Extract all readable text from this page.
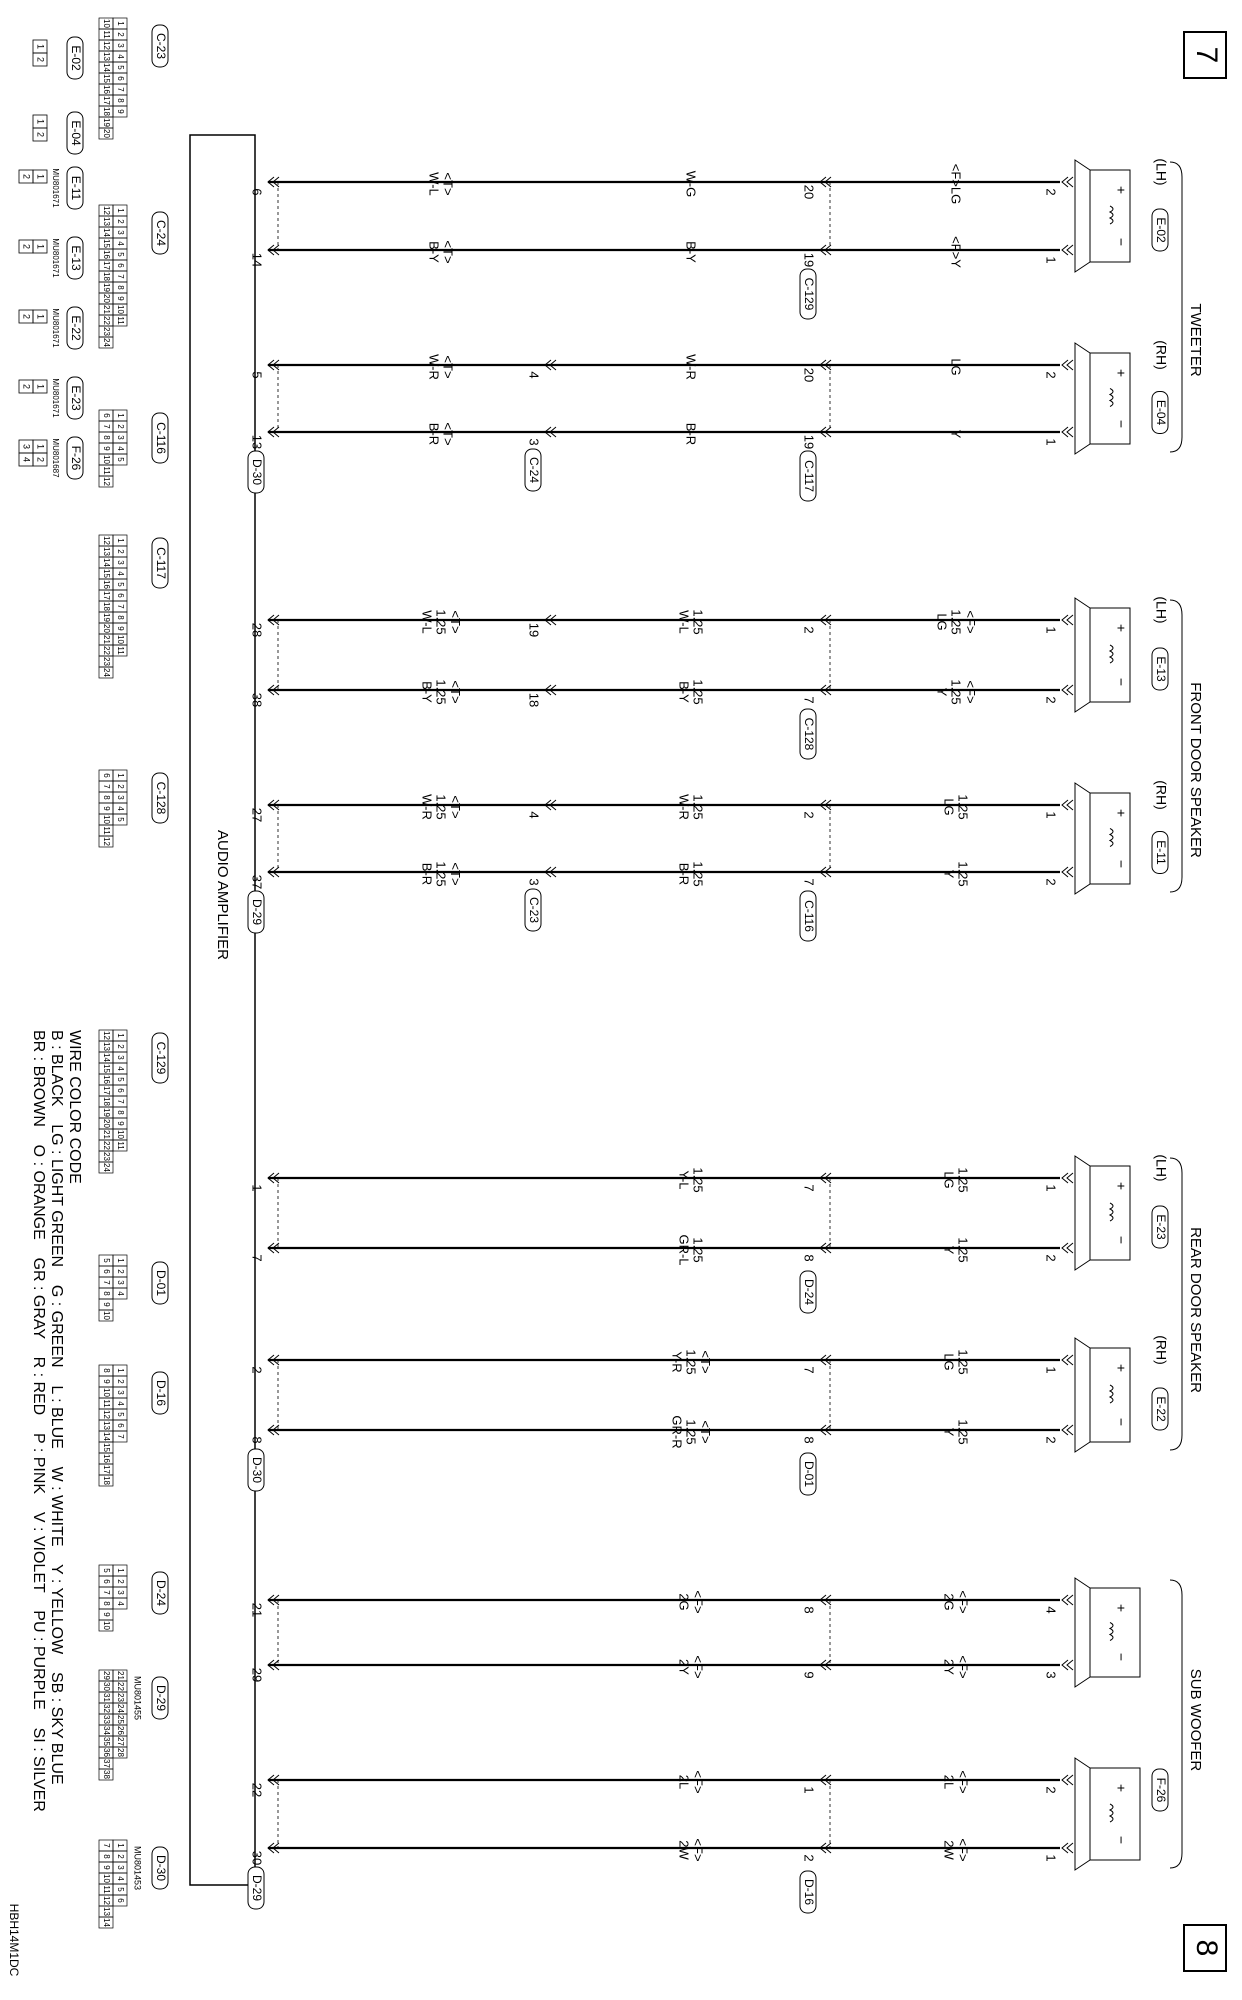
7
8
HBH14M1DC
AUDIO AMPLIFIER
TWEETER
+
−
(LH)
E-02
2
<F>LG
20
W-G
<T>
W-L
6
1
<F>Y
19
C-129
B-Y
<T>
B-Y
14
+
−
(RH)
E-04
2
LG
20
W-R
4
<T>
W-R
5
1
Y
19
C-117
B-R
3
C-24
<T>
B-R
13
D-30
FRONT DOOR SPEAKER
+
−
(LH)
E-13
1
<F>
1.25
LG
2
1.25
W-L
19
<T>
1.25
W-L
28
2
<F>
1.25
Y
7
C-128
1.25
B-Y
18
<T>
1.25
B-Y
38
+
−
(RH)
E-11
1
1.25
LG
2
1.25
W-R
4
<T>
1.25
W-R
27
2
1.25
Y
7
C-116
1.25
B-R
3
C-23
<T>
1.25
B-R
37
D-29
REAR DOOR SPEAKER
+
−
(LH)
E-23
1
1.25
LG
7
1.25
Y-L
1
2
1.25
Y
8
D-24
1.25
GR-L
7
+
−
(RH)
E-22
1
1.25
LG
7
<T>
1.25
Y-R
2
2
1.25
Y
8
D-01
<T>
1.25
GR-R
8
D-30
SUB WOOFER
F-26
+
−
4
<F>
2G
8
<F>
2G
21
3
<F>
2Y
9
<F>
2Y
29
+
−
2
<F>
2L
1
<F>
2L
22
1
<F>
2W
2
D-16
<F>
2W
30
D-29
C-23
1
2
3
4
5
6
7
8
9
10
11
12
13
14
15
16
17
18
19
20
C-24
1
2
3
4
5
6
7
8
9
10
11
12
13
14
15
16
17
18
19
20
21
22
23
24
C-116
1
2
3
4
5
6
7
8
9
10
11
12
C-117
1
2
3
4
5
6
7
8
9
10
11
12
13
14
15
16
17
18
19
20
21
22
23
24
C-128
1
2
3
4
5
6
7
8
9
10
11
12
C-129
1
2
3
4
5
6
7
8
9
10
11
12
13
14
15
16
17
18
19
20
21
22
23
24
D-01
1
2
3
4
5
6
7
8
9
10
D-16
1
2
3
4
5
6
7
8
9
10
11
12
13
14
15
16
17
18
D-24
1
2
3
4
5
6
7
8
9
10
D-29
MU801455
21
22
23
24
25
26
27
28
29
30
31
32
33
34
35
36
37
38
D-30
MU801453
1
2
3
4
5
6
7
8
9
10
11
12
13
14
E-02
1
2
E-04
1
2
E-11
MU801671
1
2
E-13
MU801671
1
2
E-22
MU801671
1
2
E-23
MU801671
1
2
F-26
MU801687
1
2
3
4
WIRE COLOR CODE
B : BLACK    LG : LIGHT GREEN    G : GREEN    L : BLUE    W : WHITE    Y : YELLOW    SB : SKY BLUE
BR : BROWN    O : ORANGE    GR : GRAY    R : RED    P : PINK    V : VIOLET    PU : PURPLE    SI : SILVER
